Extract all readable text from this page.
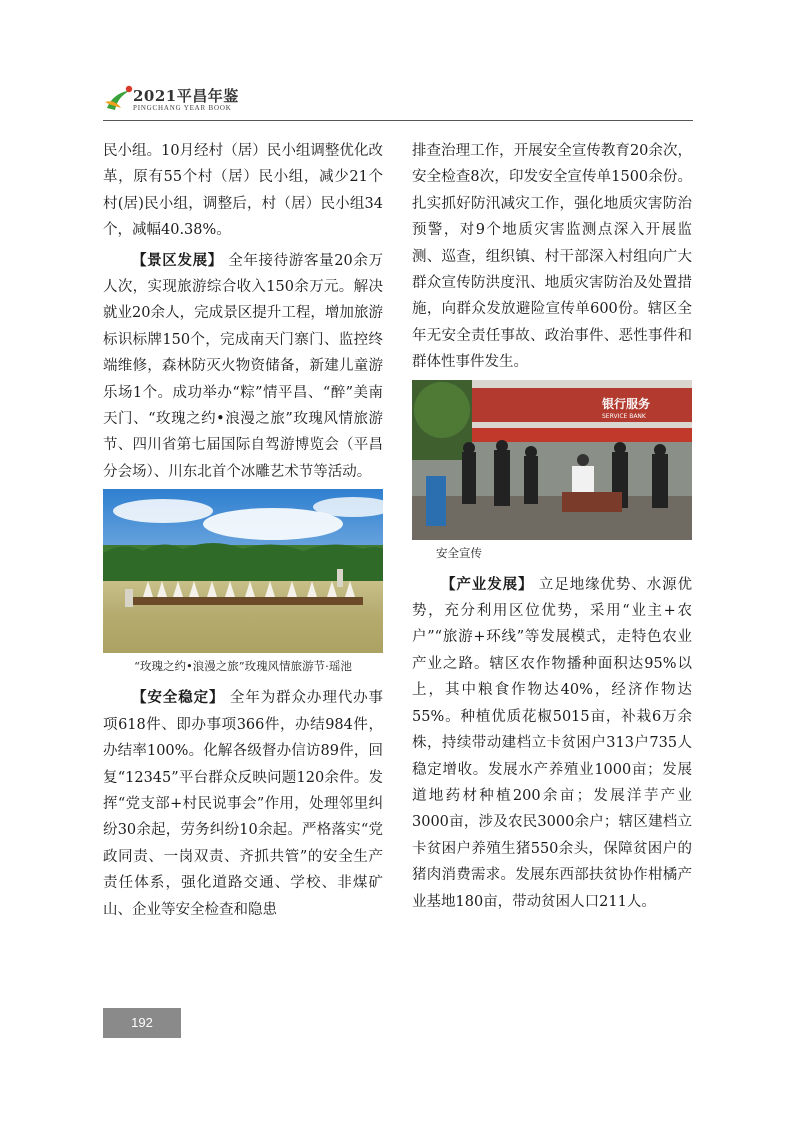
2021平昌年鉴
PINGCHANG YEAR BOOK

民小组。10月经村（居）民小组调整优化改革，原有55个村（居）民小组，减少21个村(居)民小组，调整后，村（居）民小组34个，减幅40.38%。

【景区发展】 全年接待游客量20余万人次，实现旅游综合收入150余万元。解决就业20余人，完成景区提升工程，增加旅游标识标牌150个，完成南天门寨门、监控终端维修，森林防灭火物资储备，新建儿童游乐场1个。成功举办“粽”情平昌、“醉”美南天门、“玫瑰之约•浪漫之旅”玫瑰风情旅游节、四川省第七届国际自驾游博览会（平昌分会场）、川东北首个冰雕艺术节等活动。

“玫瑰之约•浪漫之旅”玫瑰风情旅游节·瑶池

【安全稳定】 全年为群众办理代办事项618件、即办事项366件，办结984件，办结率100%。化解各级督办信访89件，回复“12345”平台群众反映问题120余件。发挥“党支部+村民说事会”作用，处理邻里纠纷30余起，劳务纠纷10余起。严格落实“党政同责、一岗双责、齐抓共管”的安全生产责任体系，强化道路交通、学校、非煤矿山、企业等安全检查和隐患

排查治理工作，开展安全宣传教育20余次，安全检查8次，印发安全宣传单1500余份。扎实抓好防汛减灾工作，强化地质灾害防治预警，对9个地质灾害监测点深入开展监测、巡查，组织镇、村干部深入村组向广大群众宣传防洪度汛、地质灾害防治及处置措施，向群众发放避险宣传单600份。辖区全年无安全责任事故、政治事件、恶性事件和群体性事件发生。

银行服务
SERVICE BANK
安全宣传

【产业发展】 立足地缘优势、水源优势，充分利用区位优势，采用“业主+农户”“旅游+环线”等发展模式，走特色农业产业之路。辖区农作物播种面积达95%以上，其中粮食作物达40%，经济作物达55%。种植优质花椒5015亩，补栽6万余株，持续带动建档立卡贫困户313户735人稳定增收。发展水产养殖业1000亩；发展道地药材种植200余亩；发展洋芋产业3000亩，涉及农民3000余户；辖区建档立卡贫困户养殖生猪550余头，保障贫困户的猪肉消费需求。发展东西部扶贫协作柑橘产业基地180亩，带动贫困人口211人。

192
